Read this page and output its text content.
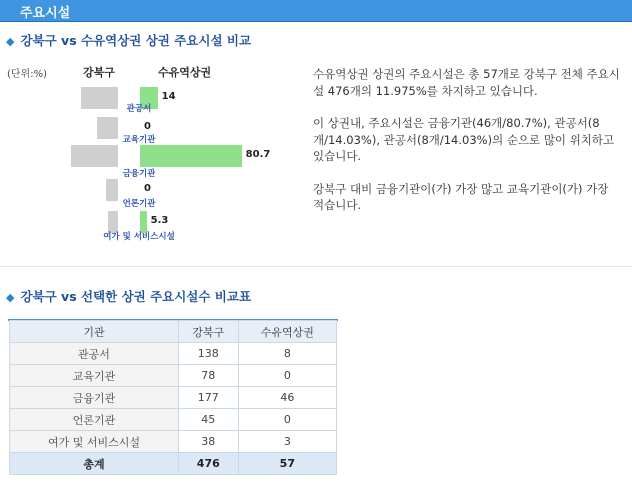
주요시설
◆ 강북구 vs 수유역상권 상권 주요시설 비교
(단위:%)	강북구	수유역상권
14
관공서
0
교육기관
80.7
금융기관
0
언론기관
5.3
여가 및 서비스시설

수유역상권 상권의 주요시설은 총 57개로 강북구 전체 주요시설 476개의 11.975%를 차지하고 있습니다.

이 상권내, 주요시설은 금융기관(46개/80.7%), 관공서(8개/14.03%), 관공서(8개/14.03%)의 순으로 많이 위치하고 있습니다.

강북구 대비 금융기관이(가) 가장 많고 교육기관이(가) 가장 적습니다.

◆ 강북구 vs 선택한 상권 주요시설수 비교표
기관	강북구	수유역상권
관공서	138	8
교육기관	78	0
금융기관	177	46
언론기관	45	0
여가 및 서비스시설	38	3
총계	476	57
